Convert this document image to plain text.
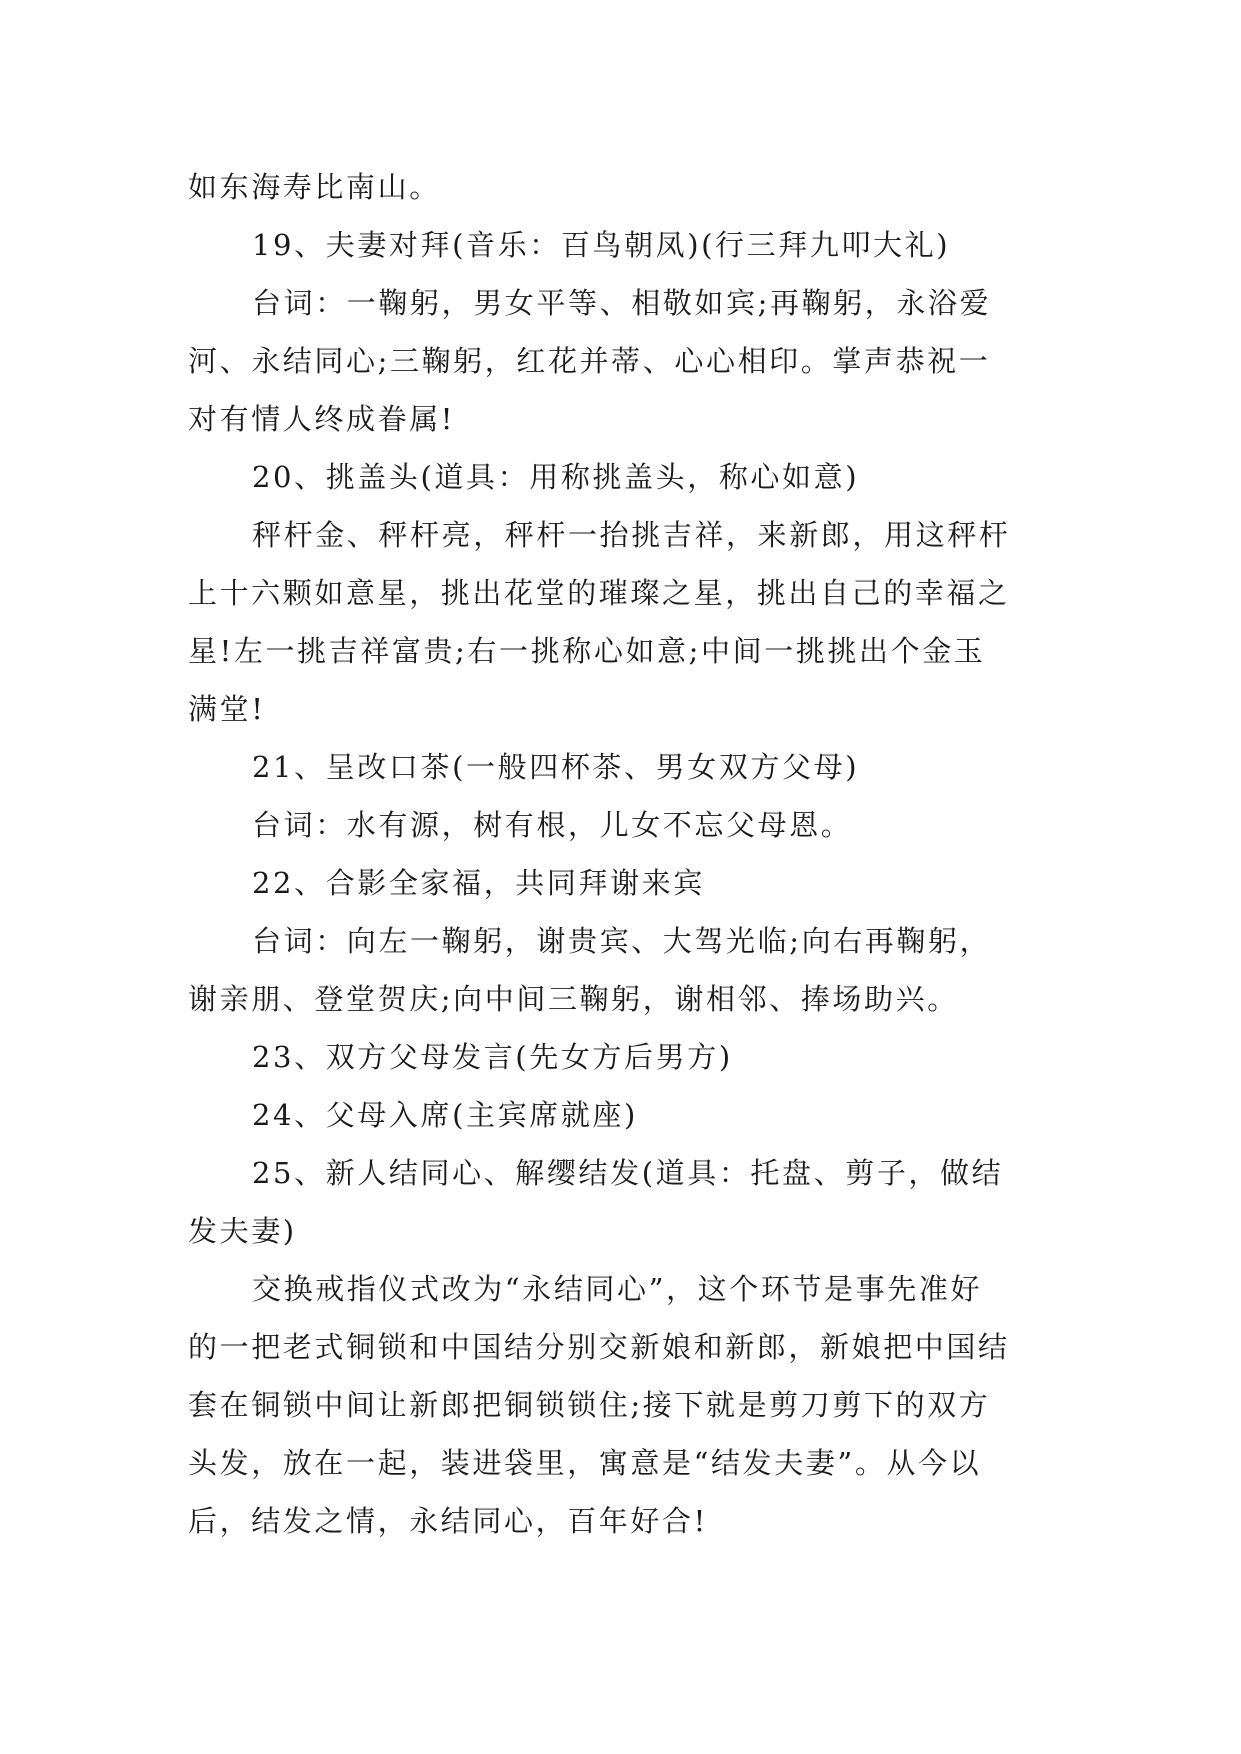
如东海寿比南山。
19、夫妻对拜(音乐：百鸟朝凤)(行三拜九叩大礼)
台词：一鞠躬，男女平等、相敬如宾;再鞠躬，永浴爱
河、永结同心;三鞠躬，红花并蒂、心心相印。掌声恭祝一
对有情人终成眷属!
20、挑盖头(道具：用称挑盖头，称心如意)
秤杆金、秤杆亮，秤杆一抬挑吉祥，来新郎，用这秤杆
上十六颗如意星，挑出花堂的璀璨之星，挑出自己的幸福之
星!左一挑吉祥富贵;右一挑称心如意;中间一挑挑出个金玉
满堂!
21、呈改口茶(一般四杯茶、男女双方父母)
台词：水有源，树有根，儿女不忘父母恩。
22、合影全家福，共同拜谢来宾
台词：向左一鞠躬，谢贵宾、大驾光临;向右再鞠躬，
谢亲朋、登堂贺庆;向中间三鞠躬，谢相邻、捧场助兴。
23、双方父母发言(先女方后男方)
24、父母入席(主宾席就座)
25、新人结同心、解缨结发(道具：托盘、剪子，做结
发夫妻)
交换戒指仪式改为“永结同心”，这个环节是事先准好
的一把老式铜锁和中国结分别交新娘和新郎，新娘把中国结
套在铜锁中间让新郎把铜锁锁住;接下就是剪刀剪下的双方
头发，放在一起，装进袋里，寓意是“结发夫妻”。从今以
后，结发之情，永结同心，百年好合!
